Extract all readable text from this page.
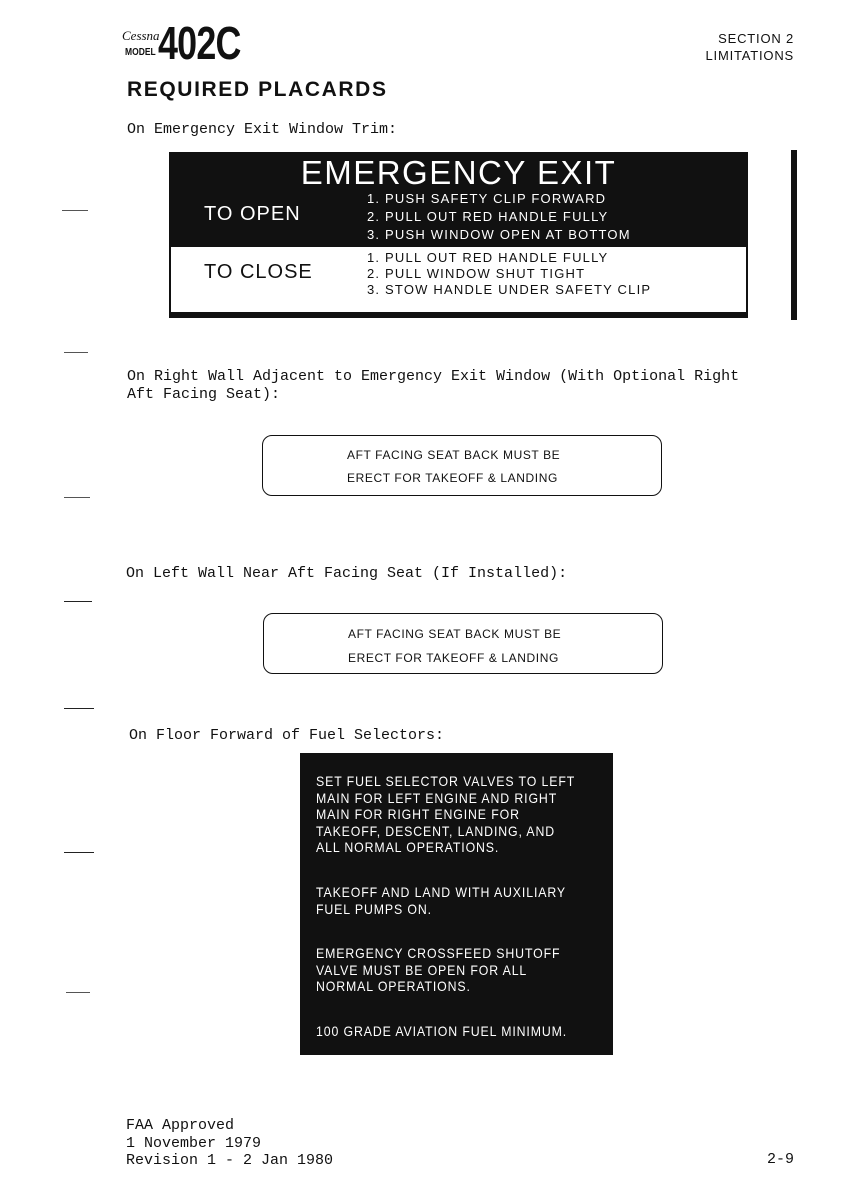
Cessna
MODEL 402C	SECTION 2
LIMITATIONS
REQUIRED PLACARDS
On Emergency Exit Window Trim:
EMERGENCY EXIT
TO OPEN
1. PUSH SAFETY CLIP FORWARD
2. PULL OUT RED HANDLE FULLY
3. PUSH WINDOW OPEN AT BOTTOM
TO CLOSE
1. PULL OUT RED HANDLE FULLY
2. PULL WINDOW SHUT TIGHT
3. STOW HANDLE UNDER SAFETY CLIP
On Right Wall Adjacent to Emergency Exit Window (With Optional Right
Aft Facing Seat):
AFT FACING SEAT BACK MUST BE
ERECT FOR TAKEOFF & LANDING
On Left Wall Near Aft Facing Seat (If Installed):
AFT FACING SEAT BACK MUST BE
ERECT FOR TAKEOFF & LANDING
On Floor Forward of Fuel Selectors:
SET FUEL SELECTOR VALVES TO LEFT
MAIN FOR LEFT ENGINE AND RIGHT
MAIN FOR RIGHT ENGINE FOR
TAKEOFF, DESCENT, LANDING, AND
ALL NORMAL OPERATIONS.
TAKEOFF AND LAND WITH AUXILIARY
FUEL PUMPS ON.
EMERGENCY CROSSFEED SHUTOFF
VALVE MUST BE OPEN FOR ALL
NORMAL OPERATIONS.
100 GRADE AVIATION FUEL MINIMUM.
FAA Approved
1 November 1979
Revision 1 - 2 Jan 1980	2-9
